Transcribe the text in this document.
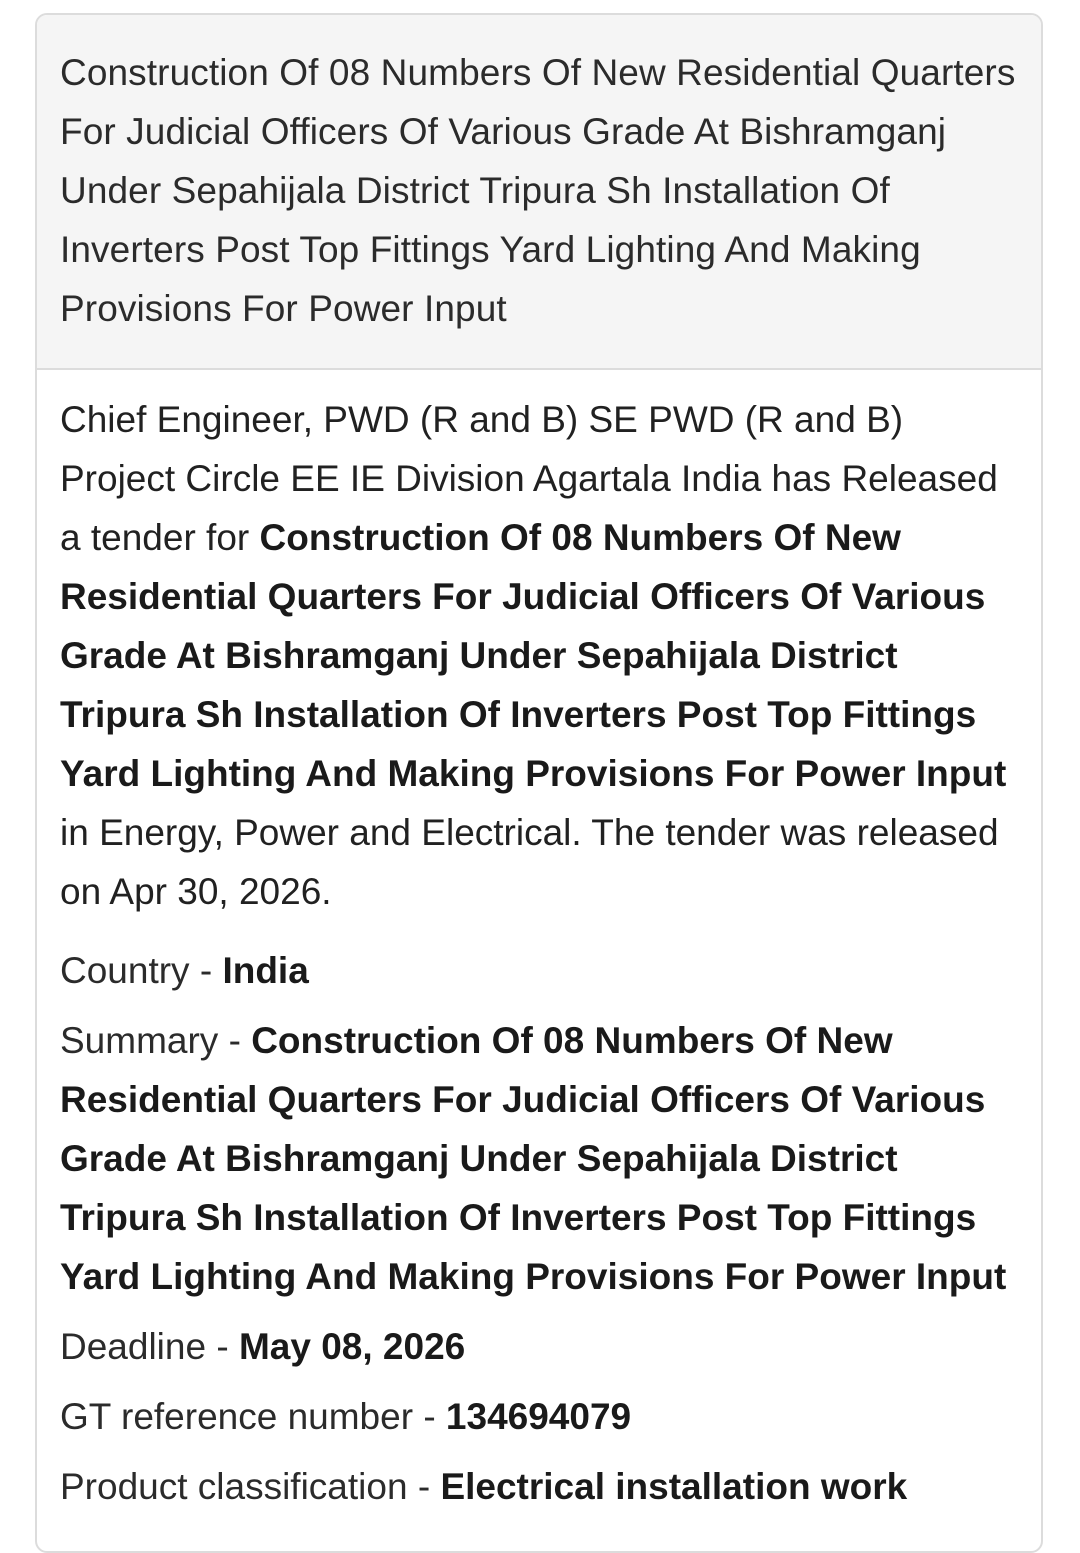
Construction Of 08 Numbers Of New Residential Quarters For Judicial Officers Of Various Grade At Bishramganj Under Sepahijala District Tripura Sh Installation Of Inverters Post Top Fittings Yard Lighting And Making Provisions For Power Input

Chief Engineer, PWD (R and B) SE PWD (R and B) Project Circle EE IE Division Agartala India has Released a tender for Construction Of 08 Numbers Of New Residential Quarters For Judicial Officers Of Various Grade At Bishramganj Under Sepahijala District Tripura Sh Installation Of Inverters Post Top Fittings Yard Lighting And Making Provisions For Power Input in Energy, Power and Electrical. The tender was released on Apr 30, 2026.

Country - India
Summary - Construction Of 08 Numbers Of New Residential Quarters For Judicial Officers Of Various Grade At Bishramganj Under Sepahijala District Tripura Sh Installation Of Inverters Post Top Fittings Yard Lighting And Making Provisions For Power Input
Deadline - May 08, 2026
GT reference number - 134694079
Product classification - Electrical installation work
